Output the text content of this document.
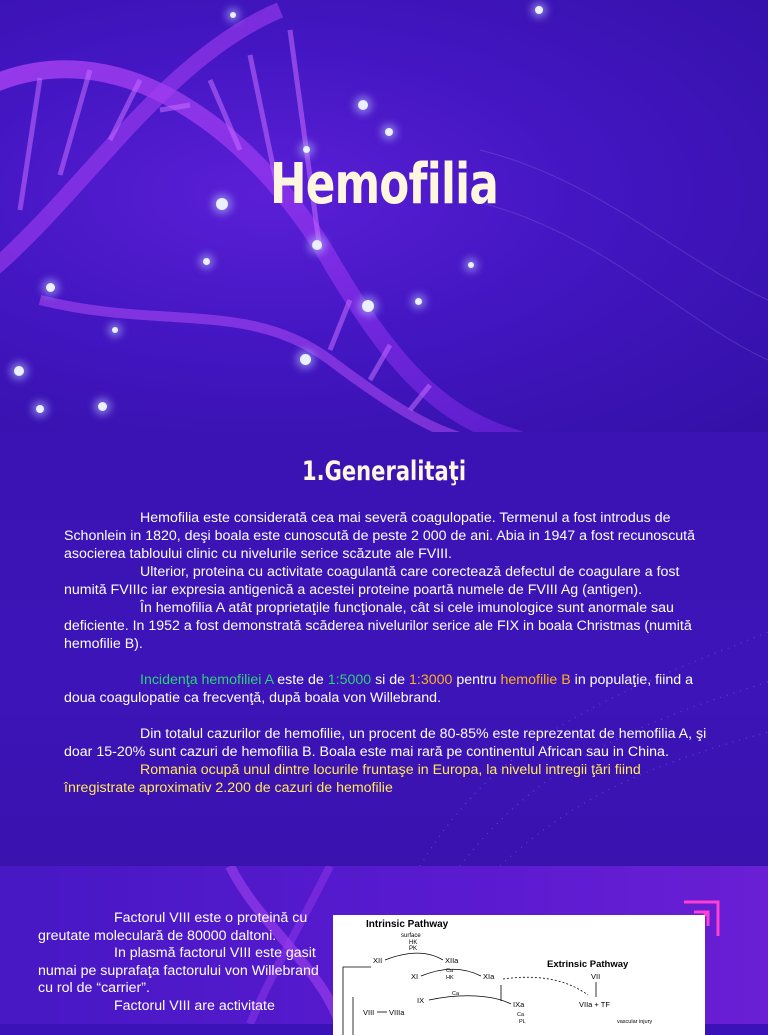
Hemofilia
1.Generalitaţi

Hemofilia este considerată cea mai severă coagulopatie. Termenul a fost introdus de Schonlein in 1820, deşi boala este cunoscută de peste 2 000 de ani. Abia in 1947 a fost recunoscută asocierea tabloului clinic cu nivelurile serice scăzute ale FVIII.

Ulterior, proteina cu activitate coagulantă care corectează defectul de coagulare a fost numită FVIIIc iar expresia antigenică a acestei proteine poartă numele de FVIII Ag (antigen).

În hemofilia A atât proprietaţile funcţionale, cât si cele imunologice sunt anormale sau deficiente. In 1952 a fost demonstrată scăderea nivelurilor serice ale FIX in boala Christmas (numită hemofilie B).

Incidenţa hemofiliei A este de 1:5000 si de 1:3000 pentru hemofilie B in populaţie, fiind a doua coagulopatie ca frecvenţă, după boala von Willebrand.

Din totalul cazurilor de hemofilie, un procent de 80-85% este reprezentat de hemofilia A, şi doar 15-20% sunt cazuri de hemofilia B. Boala este mai rară pe continentul African sau in China.

Romania ocupă unul dintre locurile fruntaşe in Europa, la nivelul intregii ţări fiind înregistrate aproximativ 2.200 de cazuri de hemofilie

Factorul VIII este o proteină cu greutate moleculară de 80000 daltoni.

In plasmă factorul VIII este gasit numai pe suprafaţa factorului von Willebrand cu rol de “carrier”.

Factorul VIII are activitate

Intrinsic Pathway
Extrinsic Pathway
surface
HK
PK
XII	XIIa
XI	XIa
Ca
HK
IX
Ca
IXa
Ca
PL
VII
VIIa + TF
vascular injury
VIII VIIIa
